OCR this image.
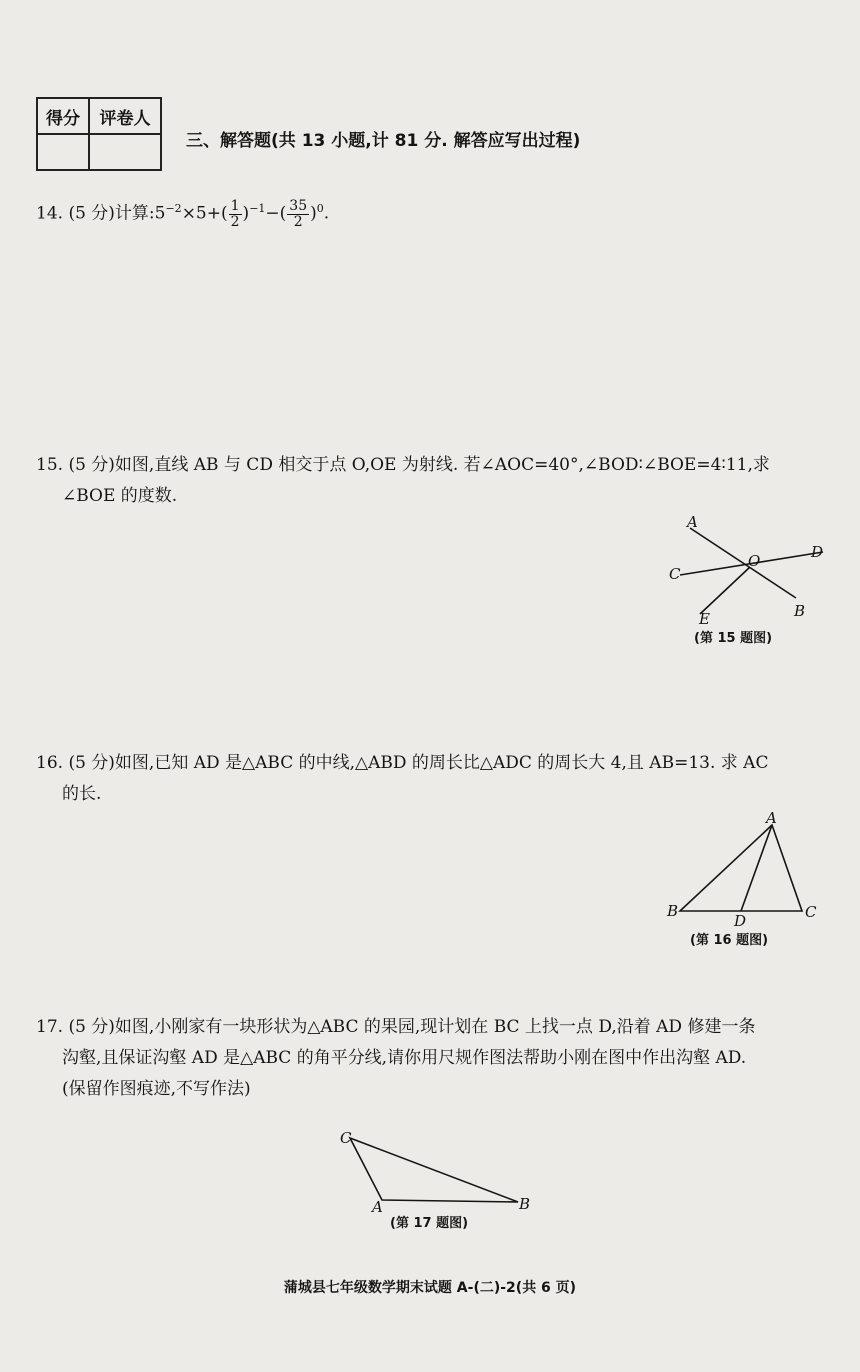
得分	评卷人

三、解答题(共 13 小题,计 81 分. 解答应写出过程)
14. (5 分)计算$:5^{-2}\times 5+( \frac{1}{2} )^{-1}-( \frac{35}{2} )^0$.
15. (5 分)如图,直线 AB 与 CD 相交于点 O,OE 为射线. 若∠AOC=40°,∠BOD∶∠BOE=4∶11,求
∠BOE 的度数.
A
B
C
D
O
E
(第 15 题图)
16. (5 分)如图,已知 AD 是△ABC 的中线,△ABD 的周长比△ADC 的周长大 4,且 AB=13. 求 AC
的长.
A
B	C
D
(第 16 题图)
17. (5 分)如图,小刚家有一块形状为△ABC 的果园,现计划在 BC 上找一点 D,沿着 AD 修建一条
沟壑,且保证沟壑 AD 是△ABC 的角平分线,请你用尺规作图法帮助小刚在图中作出沟壑 AD.
(保留作图痕迹,不写作法)
C
A	B
(第 17 题图)
蒲城县七年级数学期末试题 A-(二)-2(共 6 页)
